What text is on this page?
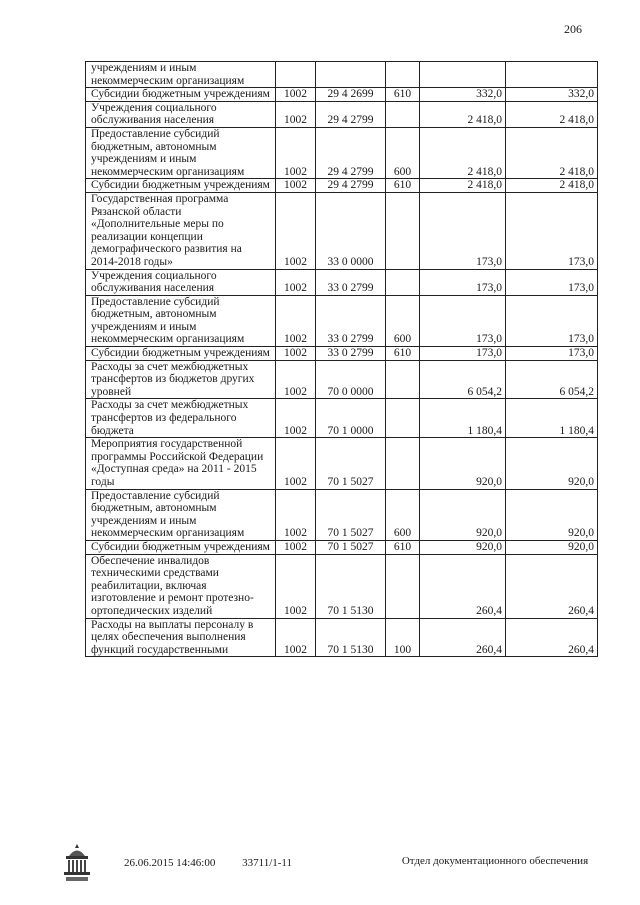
206
учреждениям и иным некоммерческим организациям					
Субсидии бюджетным учреждениям	1002	29 4 2699	610	332,0	332,0
Учреждения социального обслуживания населения	1002	29 4 2799		2 418,0	2 418,0
Предоставление субсидий бюджетным, автономным учреждениям и иным некоммерческим организациям	1002	29 4 2799	600	2 418,0	2 418,0
Субсидии бюджетным учреждениям	1002	29 4 2799	610	2 418,0	2 418,0
Государственная программа Рязанской области «Дополнительные меры по реализации концепции демографического развития на 2014-2018 годы»	1002	33 0 0000		173,0	173,0
Учреждения социального обслуживания населения	1002	33 0 2799		173,0	173,0
Предоставление субсидий бюджетным, автономным учреждениям и иным некоммерческим организациям	1002	33 0 2799	600	173,0	173,0
Субсидии бюджетным учреждениям	1002	33 0 2799	610	173,0	173,0
Расходы за счет межбюджетных трансфертов из бюджетов других уровней	1002	70 0 0000		6 054,2	6 054,2
Расходы за счет межбюджетных трансфертов из федерального бюджета	1002	70 1 0000		1 180,4	1 180,4
Мероприятия государственной программы Российской Федерации «Доступная среда» на 2011 - 2015 годы	1002	70 1 5027		920,0	920,0
Предоставление субсидий бюджетным, автономным учреждениям и иным некоммерческим организациям	1002	70 1 5027	600	920,0	920,0
Субсидии бюджетным учреждениям	1002	70 1 5027	610	920,0	920,0
Обеспечение инвалидов техническими средствами реабилитации, включая изготовление и ремонт протезно-ортопедических изделий	1002	70 1 5130		260,4	260,4
Расходы на выплаты персоналу в целях обеспечения выполнения функций государственными	1002	70 1 5130	100	260,4	260,4
26.06.2015 14:46:00 33711/1-11	Отдел документационного обеспечения
